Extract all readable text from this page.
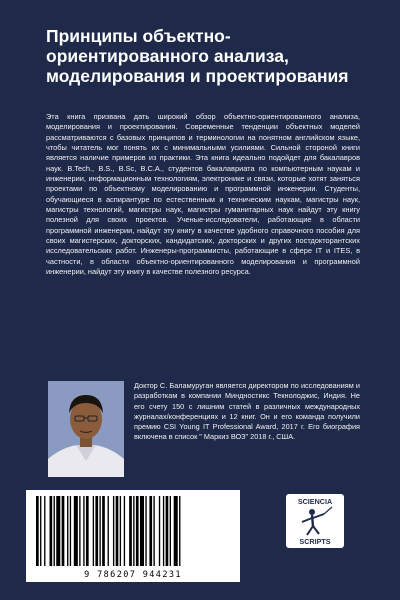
Принципы объектно-ориентированного анализа, моделирования и проектирования

Эта книга призвана дать широкий обзор объектно-ориентированного анализа, моделирования и проектирования. Современные тенденции объектных моделей рассматриваются с базовых принципов и терминологии на понятном английском языке, чтобы читатель мог понять их с минимальными усилиями. Сильной стороной книги является наличие примеров из практики. Эта книга идеально подойдет для бакалавров наук. B.Tech., B.S., B.Sc, B.C.A., студентов бакалавриата по компьютерным наукам и инженерии, информационным технологиям, электронике и связи, которые хотят заняться проектами по объектному моделированию и программной инженерии. Студенты, обучающиеся в аспирантуре по естественным и техническим наукам, магистры наук, магистры технологий, магистры наук, магистры гуманитарных наук найдут эту книгу полезной для своих проектов. Ученые-исследователи, работающие в области программной инженерии, найдут эту книгу в качестве удобного справочного пособия для своих магистерских, докторских, кандидатских, докторских и других постдокторантских исследовательских работ. Инженеры-программисты, работающие в сфере IT и ITES, в частности, в области объектно-ориентированного моделирования и программной инженерии, найдут эту книгу в качестве полезного ресурса.

Доктор С. Баламуруган является директором по исследованиям и разработкам в компании Миндностикс Текнолоджис, Индия. Не его счету 150 с лишним статей в различных международных журналах/конференциях и 12 книг. Он и его команда получили премию CSI Young IT Professional Award, 2017 г. Его биография включена в список " Маркиз ВОЗ" 2018 г., США.

9 786207 944231
SCIENCIA
SCRIPTS
